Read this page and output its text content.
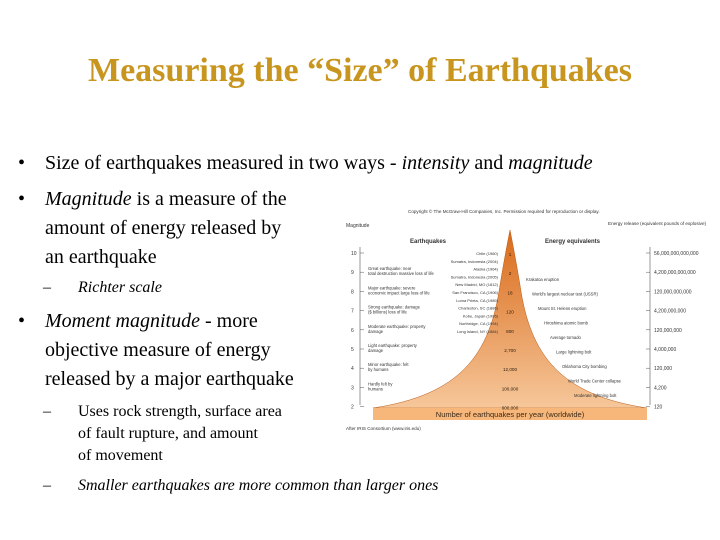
Measuring the “Size” of Earthquakes
• Size of earthquakes measured in two ways - intensity and magnitude
• Magnitude is a measure of the
amount of energy released by
an earthquake
– Richter scale
• Moment magnitude - more
objective measure of energy
released by a major earthquake
– Uses rock strength, surface area
of fault rupture, and amount
of movement
– Smaller earthquakes are more common than larger ones
Copyright © The McGraw-Hill Companies, Inc. Permission required for reproduction or display.
Magnitude	Energy release (equivalent pounds of explosive)
Earthquakes	Energy equivalents
Number of earthquakes per year (worldwide)
After IRIS Consortium (www.iris.edu)
10
9
8
7
6
5
4
3
2
56,000,000,000,000
4,200,000,000,000
120,000,000,000
4,200,000,000
120,000,000
4,000,000
120,000
4,200
120
1
2
18
120
800
2,700
12,000
100,000
600,000
Great earthquake: near
total destruction massive loss of life
Major earthquake: severe
economic impact large loss of life
Strong earthquake: damage
($ billions) loss of life
Moderate earthquake: property
damage
Light earthquake: property
damage
Minor earthquake: felt
by humans
Hardly felt by
humans
Chile (1960)
Sumatra, Indonesia (2004)
Alaska (1964)
Sumatra, Indonesia (2005)
New Madrid, MO (1812)
San Francisco, CA (1906)
Loma Prieta, CA (1989)
Charleston, SC (1886)
Kobe, Japan (1995)
Northridge, CA (1994)
Long Island, NY (1884)
Krakatoa eruption
World's largest nuclear test (USSR)
Mount St. Helens eruption
Hiroshima atomic bomb
Average tornado
Large lightning bolt
Oklahoma City bombing
World Trade Center collapse
Moderate lightning bolt
